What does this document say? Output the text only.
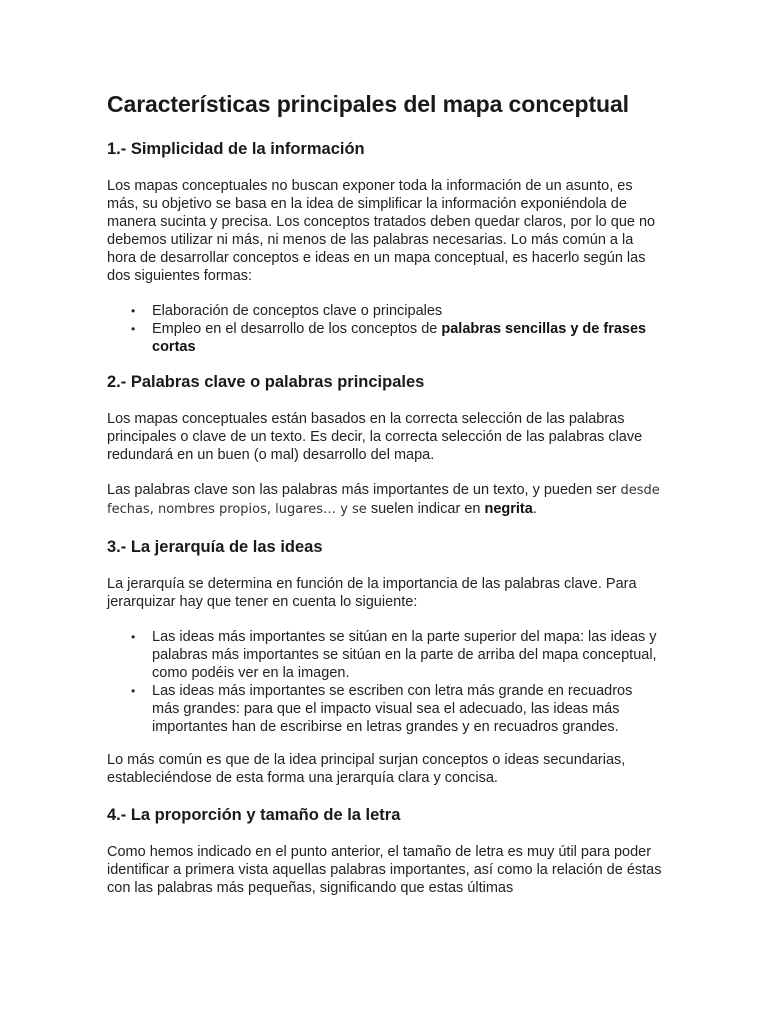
Características principales del mapa conceptual
1.- Simplicidad de la información

Los mapas conceptuales no buscan exponer toda la información de un asunto, es más, su objetivo se basa en la idea de simplificar la información exponiéndola de manera sucinta y precisa. Los conceptos tratados deben quedar claros, por lo que no debemos utilizar ni más, ni menos de las palabras necesarias. Lo más común a la hora de desarrollar conceptos e ideas en un mapa conceptual, es hacerlo según las dos siguientes formas:

• Elaboración de conceptos clave o principales
• Empleo en el desarrollo de los conceptos de palabras sencillas y de frases cortas
2.- Palabras clave o palabras principales

Los mapas conceptuales están basados en la correcta selección de las palabras principales o clave de un texto. Es decir, la correcta selección de las palabras clave redundará en un buen (o mal) desarrollo del mapa.

Las palabras clave son las palabras más importantes de un texto, y pueden ser desde fechas, nombres propios, lugares… y se suelen indicar en negrita.

3.- La jerarquía de las ideas

La jerarquía se determina en función de la importancia de las palabras clave. Para jerarquizar hay que tener en cuenta lo siguiente:

• Las ideas más importantes se sitúan en la parte superior del mapa: las ideas y palabras más importantes se sitúan en la parte de arriba del mapa conceptual, como podéis ver en la imagen.
• Las ideas más importantes se escriben con letra más grande en recuadros más grandes: para que el impacto visual sea el adecuado, las ideas más importantes han de escribirse en letras grandes y en recuadros grandes.

Lo más común es que de la idea principal surjan conceptos o ideas secundarias, estableciéndose de esta forma una jerarquía clara y concisa.

4.- La proporción y tamaño de la letra

Como hemos indicado en el punto anterior, el tamaño de letra es muy útil para poder identificar a primera vista aquellas palabras importantes, así como la relación de éstas con las palabras más pequeñas, significando que estas últimas
